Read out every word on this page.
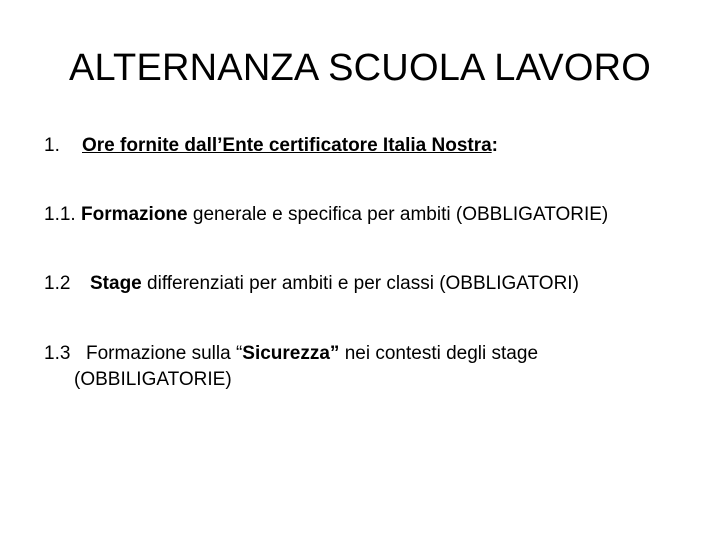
ALTERNANZA SCUOLA LAVORO
1. Ore fornite dall’Ente certificatore Italia Nostra:
1.1. Formazione generale e specifica per ambiti (OBBLIGATORIE)
1.2 Stage differenziati per ambiti e per classi (OBBLIGATORI)
1.3 Formazione sulla “Sicurezza” nei contesti degli stage
(OBBILIGATORIE)
